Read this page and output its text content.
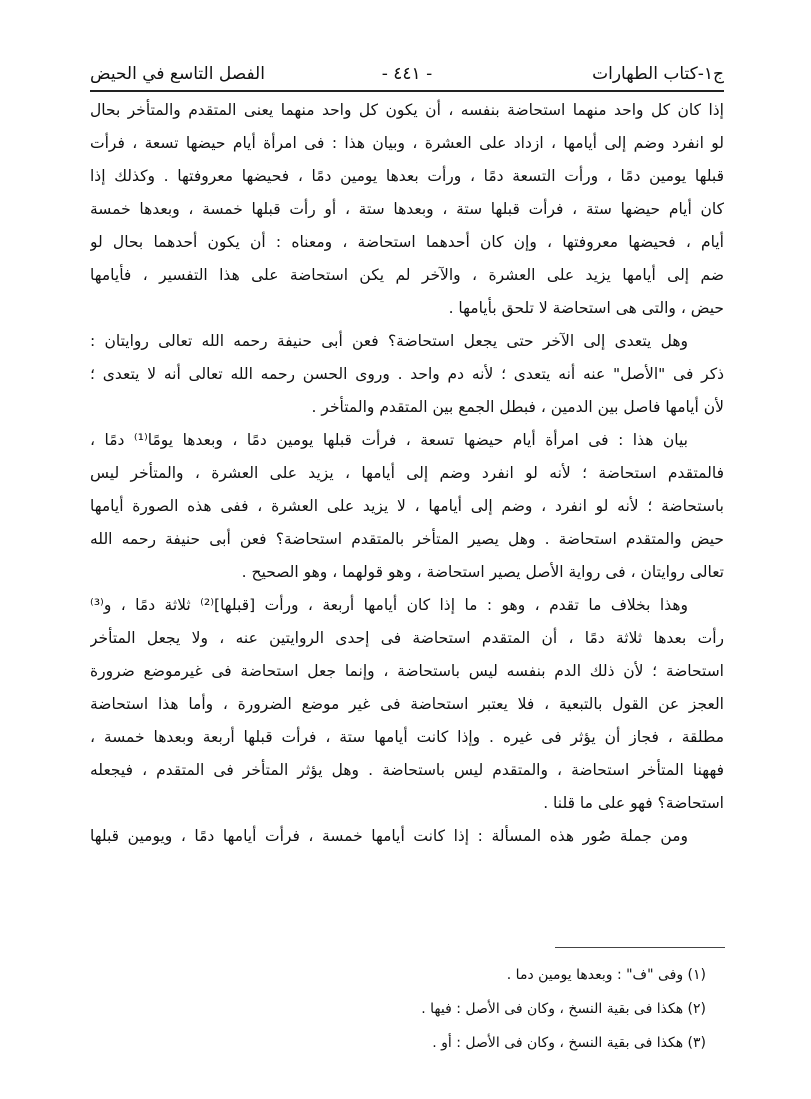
ج١-كتاب الطهارات
- ٤٤١ -
الفصل التاسع في الحيض
إذا كان كل واحد منهما استحاضة بنفسه ، أن يكون كل واحد منهما يعنى المتقدم والمتأخر بحال
لو انفرد وضم إلى أيامها ، ازداد على العشرة ، وبيان هذا : فى امرأة أيام حيضها تسعة ، فرأت
قبلها يومين دمًا ، ورأت التسعة دمًا ، ورأت بعدها يومين دمًا ، فحيضها معروفتها . وكذلك إذا
كان أيام حيضها ستة ، فرأت قبلها ستة ، وبعدها ستة ، أو رأت قبلها خمسة ، وبعدها خمسة
أيام ، فحيضها معروفتها ، وإن كان أحدهما استحاضة ، ومعناه : أن يكون أحدهما بحال لو
ضم إلى أيامها يزيد على العشرة ، والآخر لم يكن استحاضة على هذا التفسير ، فأيامها
حيض ، والتى هى استحاضة لا تلحق بأيامها .
وهل يتعدى إلى الآخر حتى يجعل استحاضة؟ فعن أبى حنيفة رحمه الله تعالى روايتان :
ذكر فى "الأصل" عنه أنه يتعدى ؛ لأنه دم واحد . وروى الحسن رحمه الله تعالى أنه لا يتعدى ؛
لأن أيامها فاصل بين الدمين ، فبطل الجمع بين المتقدم والمتأخر .
بيان هذا : فى امرأة أيام حيضها تسعة ، فرأت قبلها يومين دمًا ، وبعدها يومًا⁽¹⁾ دمًا ،
فالمتقدم استحاضة ؛ لأنه لو انفرد وضم إلى أيامها ، يزيد على العشرة ، والمتأخر ليس
باستحاضة ؛ لأنه لو انفرد ، وضم إلى أيامها ، لا يزيد على العشرة ، ففى هذه الصورة أيامها
حيض والمتقدم استحاضة . وهل يصير المتأخر بالمتقدم استحاضة؟ فعن أبى حنيفة رحمه الله
تعالى روايتان ، فى رواية الأصل يصير استحاضة ، وهو قولهما ، وهو الصحيح .
وهذا بخلاف ما تقدم ، وهو : ما إذا كان أيامها أربعة ، ورأت [قبلها]⁽²⁾ ثلاثة دمًا ، و⁽³⁾
رأت بعدها ثلاثة دمًا ، أن المتقدم استحاضة فى إحدى الروايتين عنه ، ولا يجعل المتأخر
استحاضة ؛ لأن ذلك الدم بنفسه ليس باستحاضة ، وإنما جعل استحاضة فى غيرموضع ضرورة
العجز عن القول بالتبعية ، فلا يعتبر استحاضة فى غير موضع الضرورة ، وأما هذا استحاضة
مطلقة ، فجاز أن يؤثر فى غيره . وإذا كانت أيامها ستة ، فرأت قبلها أربعة وبعدها خمسة ،
فههنا المتأخر استحاضة ، والمتقدم ليس باستحاضة . وهل يؤثر المتأخر فى المتقدم ، فيجعله
استحاضة؟ فهو على ما قلنا .
ومن جملة صُور هذه المسألة : إذا كانت أيامها خمسة ، فرأت أيامها دمًا ، ويومين قبلها
(١) وفى "ف" : وبعدها يومين دما .
(٢) هكذا فى بقية النسخ ، وكان فى الأصل : فيها .
(٣) هكذا فى بقية النسخ ، وكان فى الأصل : أو .
